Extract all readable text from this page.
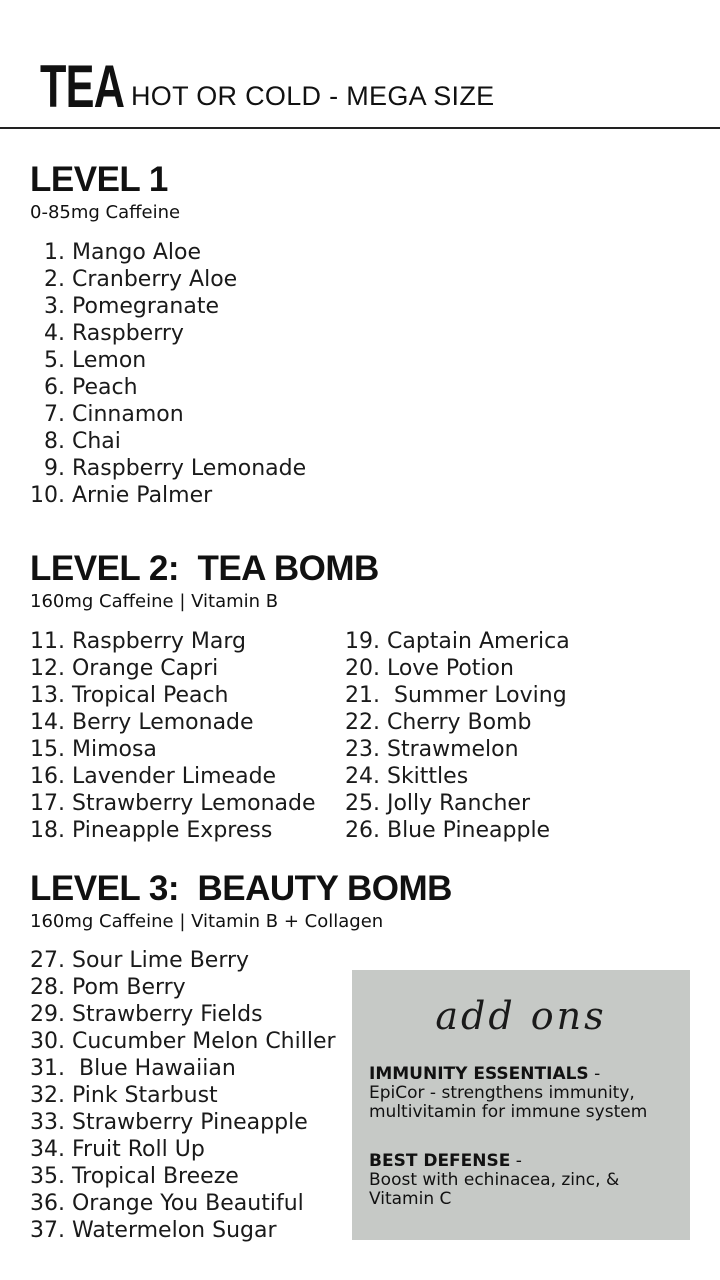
TEA HOT OR COLD - MEGA SIZE
LEVEL 1
0-85mg Caffeine
1. Mango Aloe
2. Cranberry Aloe
3. Pomegranate
4. Raspberry
5. Lemon
6. Peach
7. Cinnamon
8. Chai
9. Raspberry Lemonade
10. Arnie Palmer
LEVEL 2:  TEA BOMB
160mg Caffeine | Vitamin B
11. Raspberry Marg
12. Orange Capri
13. Tropical Peach
14. Berry Lemonade
15. Mimosa
16. Lavender Limeade
17. Strawberry Lemonade
18. Pineapple Express
19. Captain America
20. Love Potion
21.  Summer Loving
22. Cherry Bomb
23. Strawmelon
24. Skittles
25. Jolly Rancher
26. Blue Pineapple
LEVEL 3:  BEAUTY BOMB
160mg Caffeine | Vitamin B + Collagen
27. Sour Lime Berry
28. Pom Berry
29. Strawberry Fields
30. Cucumber Melon Chiller
31.  Blue Hawaiian
32. Pink Starbust
33. Strawberry Pineapple
34. Fruit Roll Up
35. Tropical Breeze
36. Orange You Beautiful
37. Watermelon Sugar
add ons
IMMUNITY ESSENTIALS -
EpiCor - strengthens immunity, multivitamin for immune system
BEST DEFENSE -
Boost with echinacea, zinc, & Vitamin C
